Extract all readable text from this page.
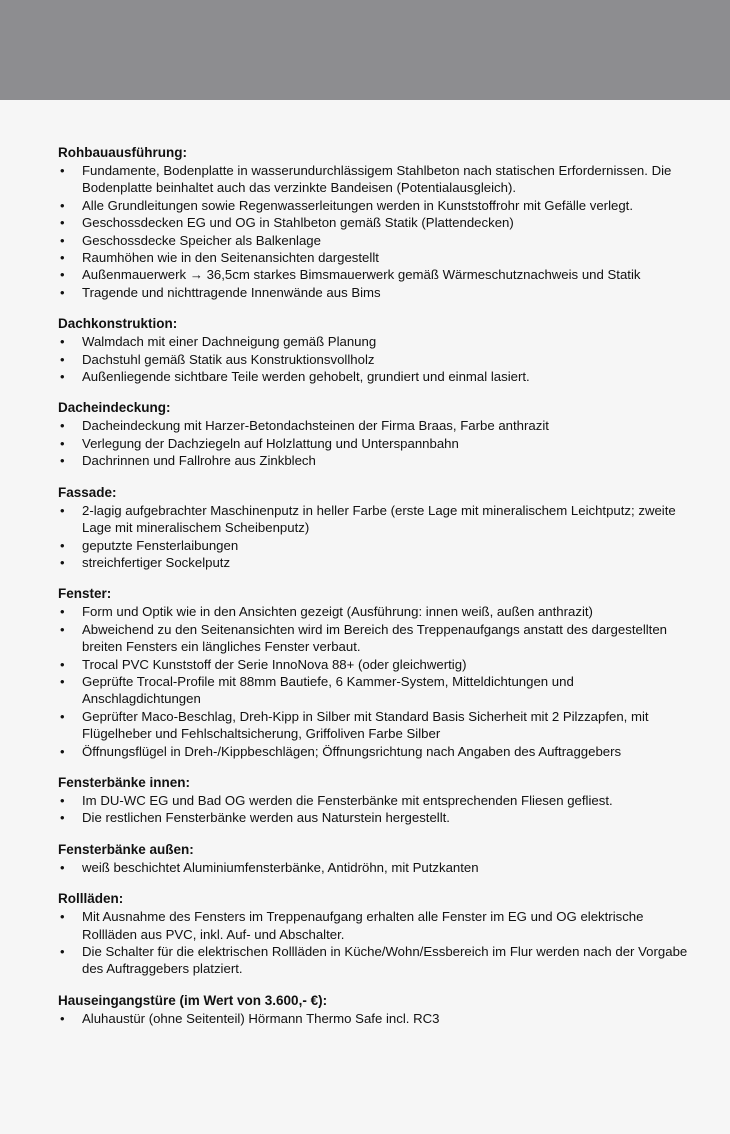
Rohbauausführung:

• Fundamente, Bodenplatte in wasserundurchlässigem Stahlbeton nach statischen Erfordernissen. Die Bodenplatte beinhaltet auch das verzinkte Bandeisen (Potentialausgleich).
• Alle Grundleitungen sowie Regenwasserleitungen werden in Kunststoffrohr mit Gefälle verlegt.
• Geschossdecken EG und OG in Stahlbeton gemäß Statik (Plattendecken)
• Geschossdecke Speicher als Balkenlage
• Raumhöhen wie in den Seitenansichten dargestellt
• Außenmauerwerk → 36,5cm starkes Bimsmauerwerk gemäß Wärmeschutznachweis und Statik
• Tragende und nichttragende Innenwände aus Bims

Dachkonstruktion:

• Walmdach mit einer Dachneigung gemäß Planung
• Dachstuhl gemäß Statik aus Konstruktionsvollholz
• Außenliegende sichtbare Teile werden gehobelt, grundiert und einmal lasiert.

Dacheindeckung:

• Dacheindeckung mit Harzer-Betondachsteinen der Firma Braas, Farbe anthrazit
• Verlegung der Dachziegeln auf Holzlattung und Unterspannbahn
• Dachrinnen und Fallrohre aus Zinkblech

Fassade:

• 2-lagig aufgebrachter Maschinenputz in heller Farbe (erste Lage mit mineralischem Leichtputz; zweite Lage mit mineralischem Scheibenputz)
• geputzte Fensterlaibungen
• streichfertiger Sockelputz

Fenster:

• Form und Optik wie in den Ansichten gezeigt (Ausführung: innen weiß, außen anthrazit)
• Abweichend zu den Seitenansichten wird im Bereich des Treppenaufgangs anstatt des dargestellten breiten Fensters ein längliches Fenster verbaut.
• Trocal PVC Kunststoff der Serie InnoNova 88+ (oder gleichwertig)
• Geprüfte Trocal-Profile mit 88mm Bautiefe, 6 Kammer-System, Mitteldichtungen und Anschlagdichtungen
• Geprüfter Maco-Beschlag, Dreh-Kipp in Silber mit Standard Basis Sicherheit mit 2 Pilzzapfen, mit Flügelheber und Fehlschaltsicherung, Griffoliven Farbe Silber
• Öffnungsflügel in Dreh-/Kippbeschlägen; Öffnungsrichtung nach Angaben des Auftraggebers

Fensterbänke innen:

• Im DU-WC EG und Bad OG werden die Fensterbänke mit entsprechenden Fliesen gefliest.
• Die restlichen Fensterbänke werden aus Naturstein hergestellt.

Fensterbänke außen:

• weiß beschichtet Aluminiumfensterbänke, Antidröhn, mit Putzkanten

Rollläden:

• Mit Ausnahme des Fensters im Treppenaufgang erhalten alle Fenster im EG und OG elektrische Rollläden aus PVC, inkl. Auf- und Abschalter.
• Die Schalter für die elektrischen Rollläden in Küche/Wohn/Essbereich im Flur werden nach der Vorgabe des Auftraggebers platziert.

Hauseingangstüre (im Wert von 3.600,- €):

• Aluhaustür (ohne Seitenteil) Hörmann Thermo Safe incl. RC3
